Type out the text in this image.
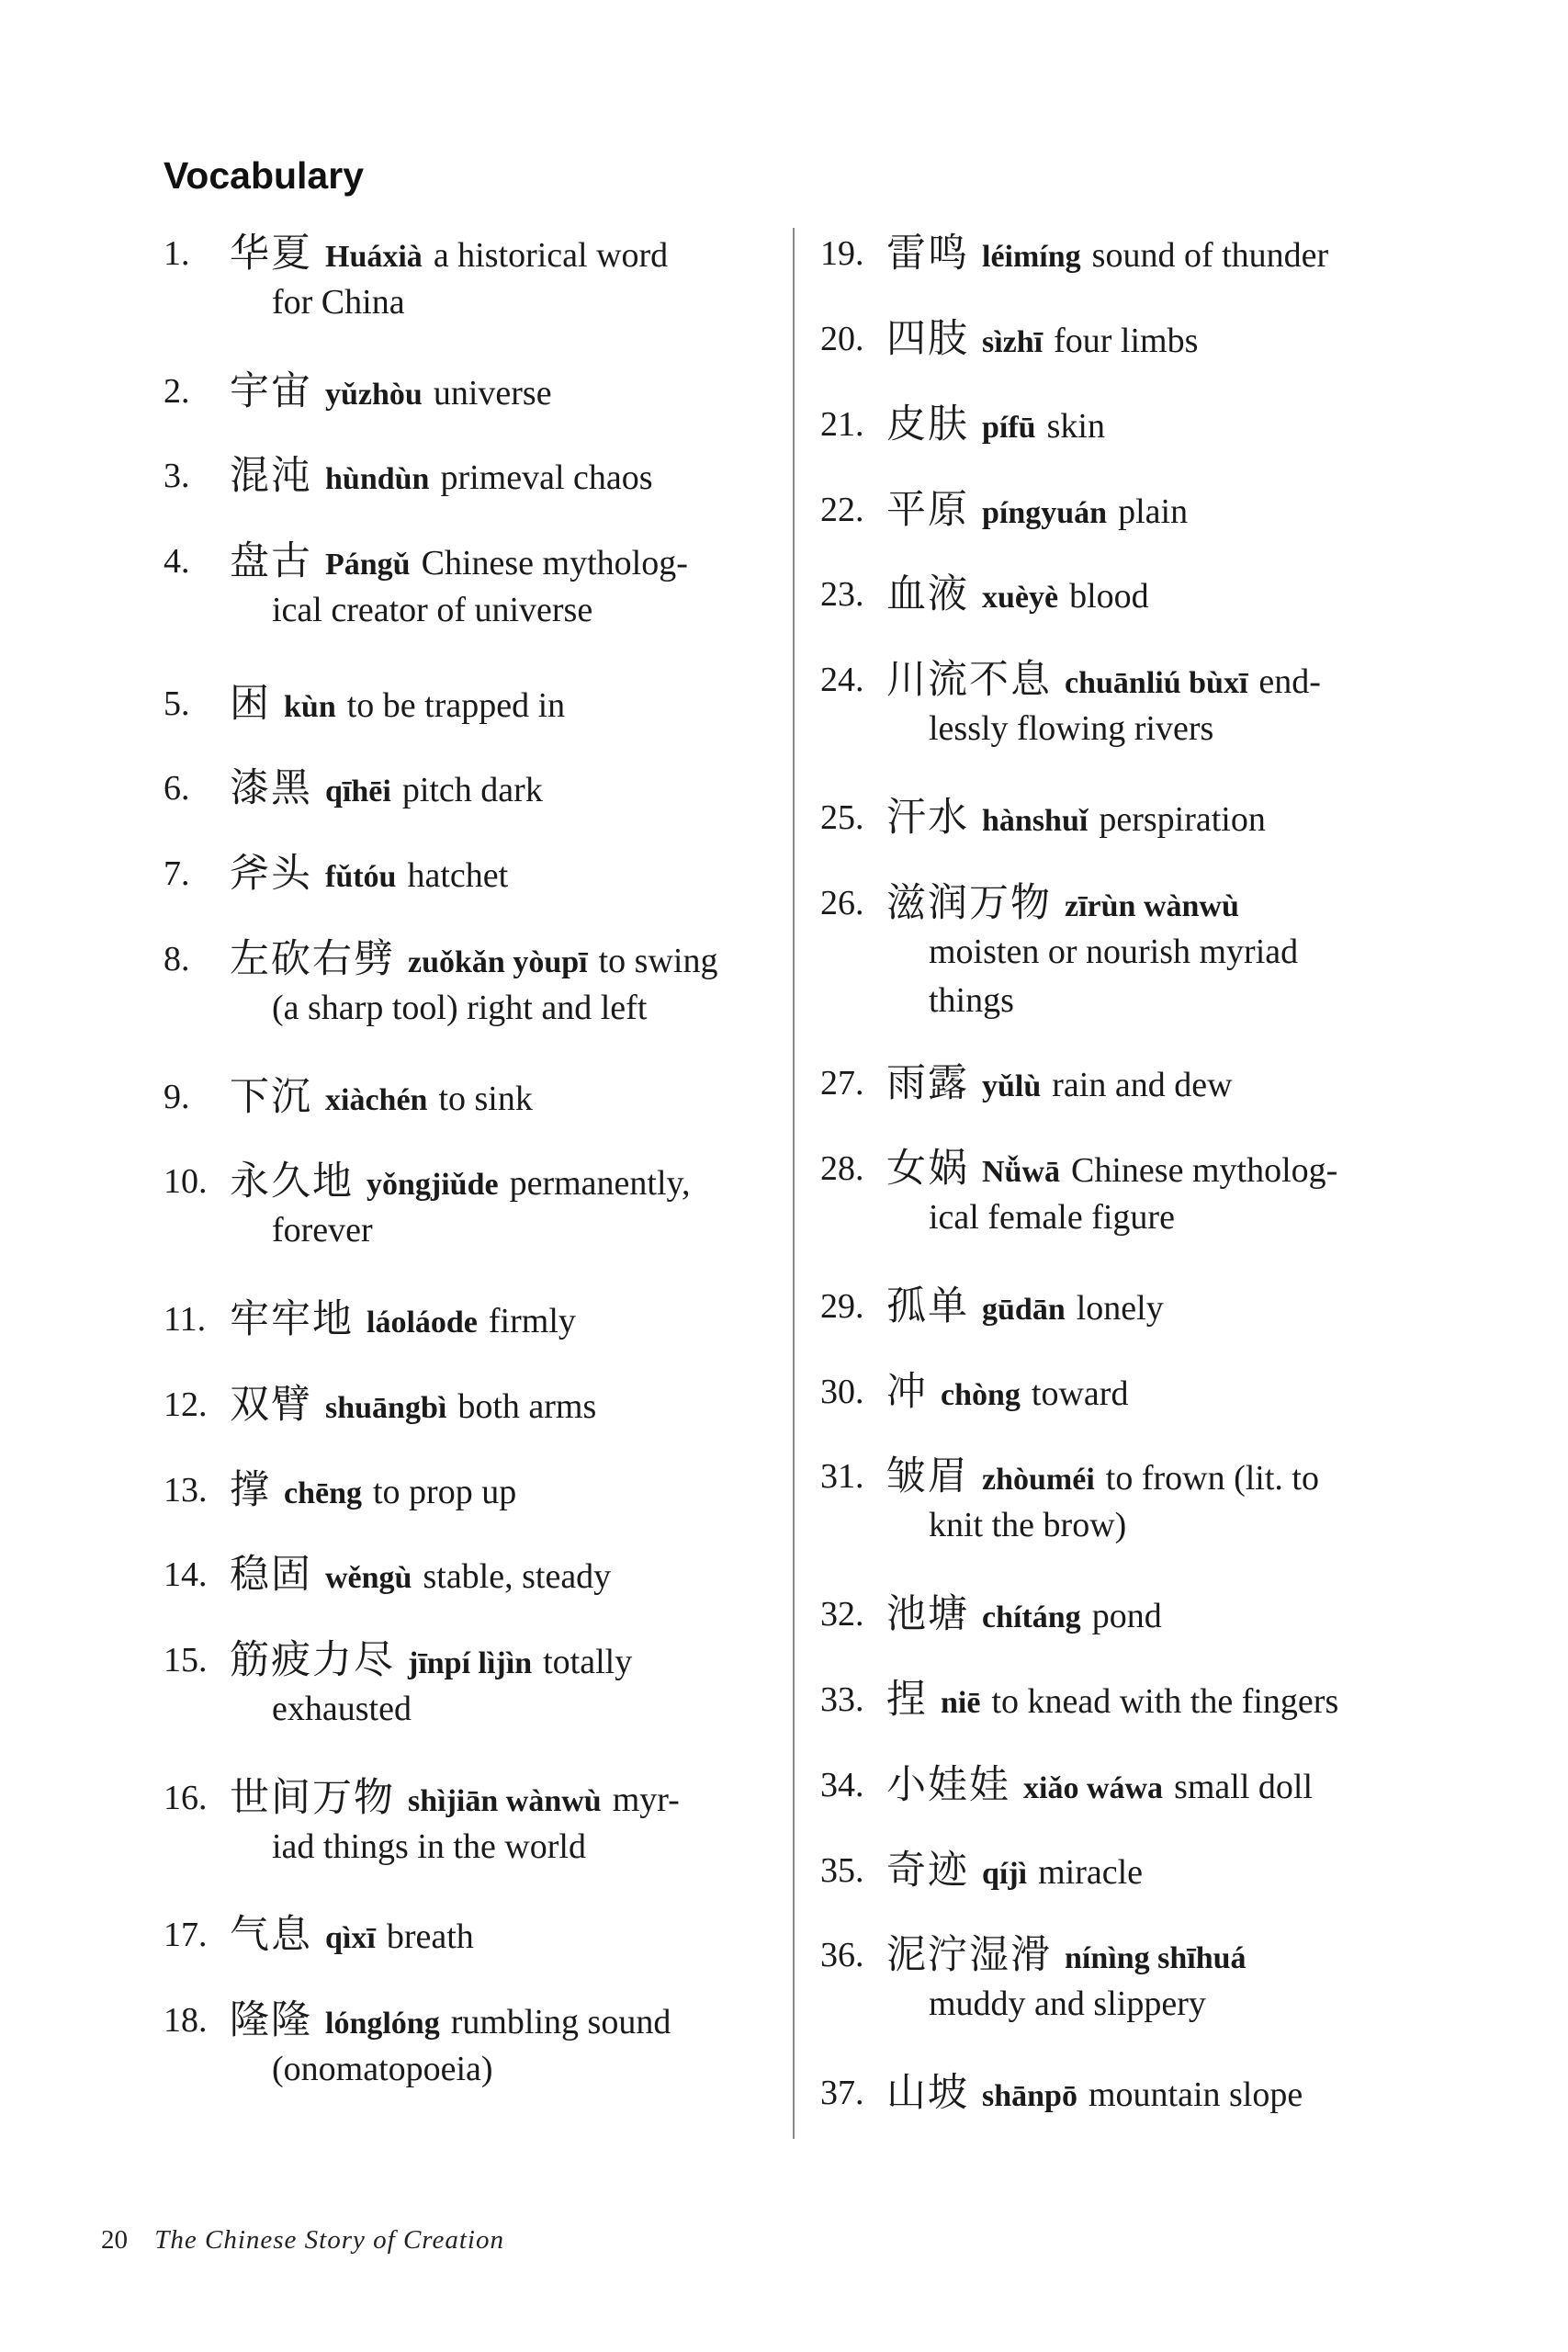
Vocabulary
1.	华夏 Huáxià a historical word
for China
2.	宇宙 yǔzhòu universe
3.	混沌 hùndùn primeval chaos
4.	盘古 Pángǔ Chinese mytholog-
ical creator of universe
5.	困 kùn to be trapped in
6.	漆黑 qīhēi pitch dark
7.	斧头 fǔtóu hatchet
8.	左砍右劈 zuǒkǎn yòupī to swing
(a sharp tool) right and left
9.	下沉 xiàchén to sink
10. 永久地 yǒngjiǔde permanently,
forever
11. 牢牢地 láoláode firmly
12. 双臂 shuāngbì both arms
13. 撑 chēng to prop up
14. 稳固 wěngù stable, steady
15. 筋疲力尽 jīnpí lìjìn totally
exhausted
16. 世间万物 shìjiān wànwù myr-
iad things in the world
17. 气息 qìxī breath
18. 隆隆 lónglóng rumbling sound
(onomatopoeia)
19. 雷鸣 léimíng sound of thunder
20. 四肢 sìzhī four limbs
21. 皮肤 pífū skin
22. 平原 píngyuán plain
23. 血液 xuèyè blood
24. 川流不息 chuānliú bùxī end-
lessly flowing rivers
25. 汗水 hànshuǐ perspiration
26. 滋润万物 zīrùn wànwù
moisten or nourish myriad
things
27. 雨露 yǔlù rain and dew
28. 女娲 Nǚwā Chinese mytholog-
ical female figure
29. 孤单 gūdān lonely
30. 冲 chòng toward
31. 皱眉 zhòuméi to frown (lit. to
knit the brow)
32. 池塘 chítáng pond
33. 捏 niē to knead with the fingers
34. 小娃娃 xiǎo wáwa small doll
35. 奇迹 qíjì miracle
36. 泥泞湿滑 nínìng shīhuá
muddy and slippery
37. 山坡 shānpō mountain slope
20 The Chinese Story of Creation
